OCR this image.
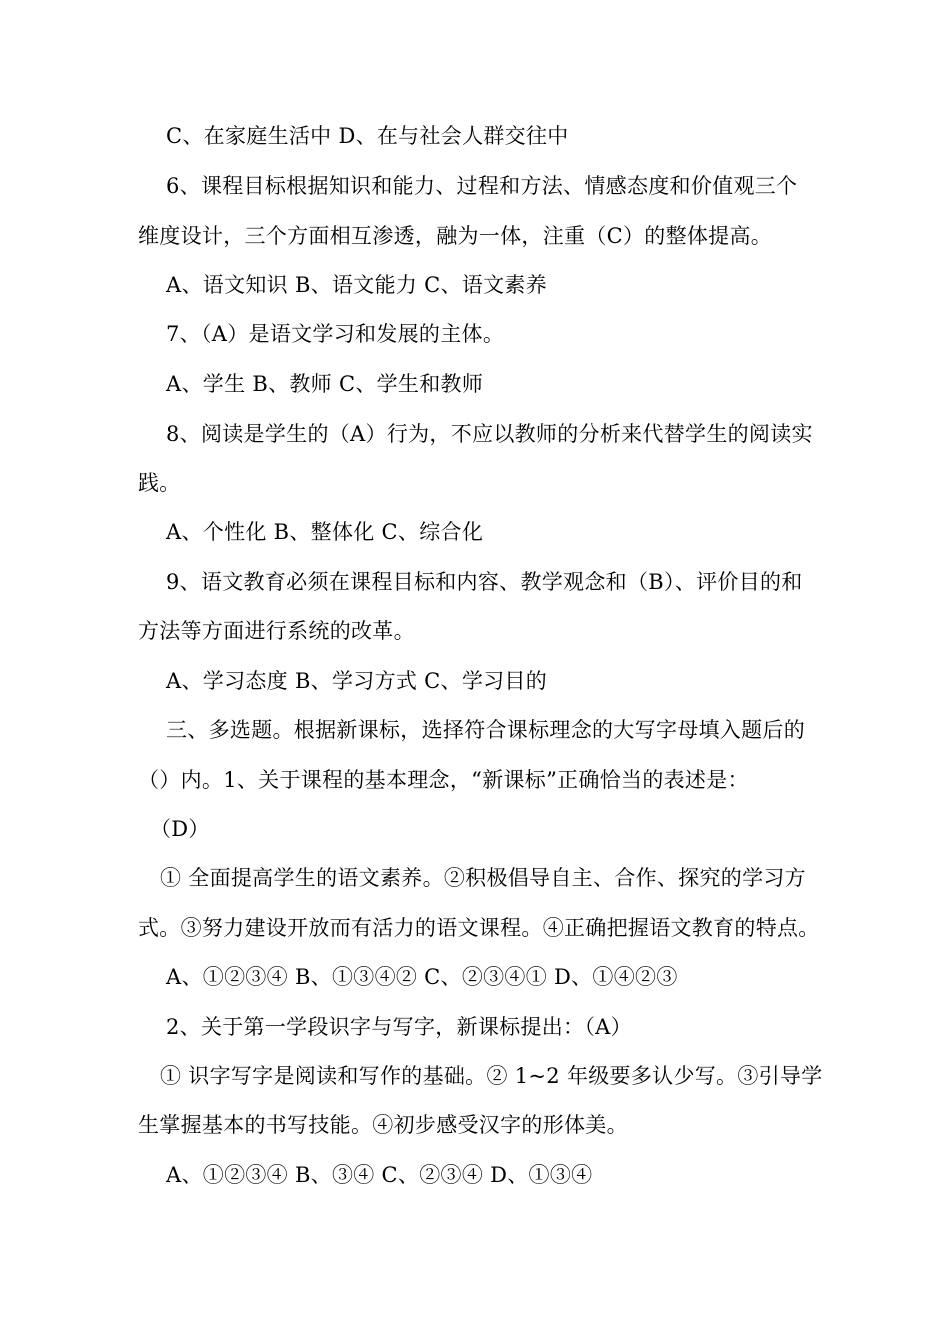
C、在家庭生活中 D、在与社会人群交往中
6、课程目标根据知识和能力、过程和方法、情感态度和价值观三个
维度设计，三个方面相互渗透，融为一体，注重（C）的整体提高。
A、语文知识 B、语文能力 C、语文素养
7、（A）是语文学习和发展的主体。
A、学生 B、教师 C、学生和教师
8、阅读是学生的（A）行为，不应以教师的分析来代替学生的阅读实
践。
A、个性化 B、整体化 C、综合化
9、语文教育必须在课程目标和内容、教学观念和（B）、评价目的和
方法等方面进行系统的改革。
A、学习态度 B、学习方式 C、学习目的
三、多选题。根据新课标，选择符合课标理念的大写字母填入题后的
（）内。1、关于课程的基本理念，“新课标”正确恰当的表述是：
（D）
① 全面提高学生的语文素养。②积极倡导自主、合作、探究的学习方
式。③努力建设开放而有活力的语文课程。④正确把握语文教育的特点。
A、①②③④ B、①③④② C、②③④① D、①④②③
2、关于第一学段识字与写字，新课标提出：（A）
① 识字写字是阅读和写作的基础。② 1~2 年级要多认少写。③引导学
生掌握基本的书写技能。④初步感受汉字的形体美。
A、①②③④ B、③④ C、②③④ D、①③④
